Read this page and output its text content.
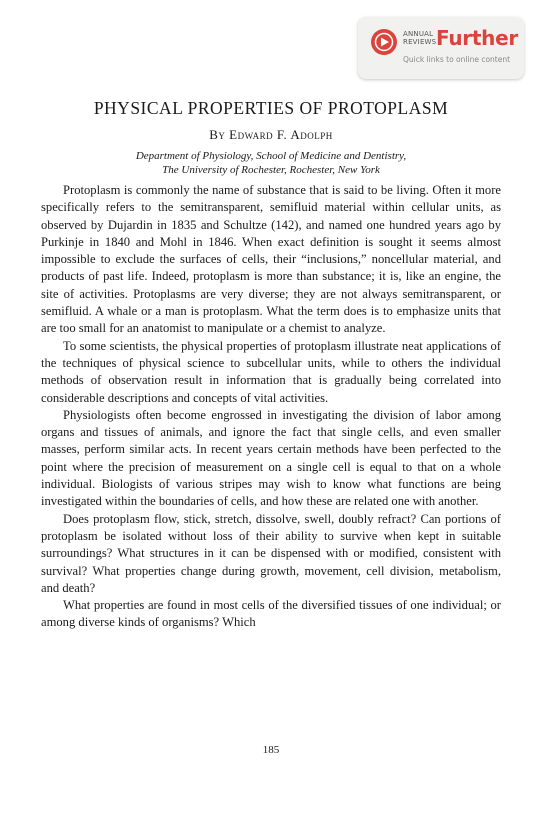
ANNUAL
REVIEWS Further
Quick links to online content
PHYSICAL PROPERTIES OF PROTOPLASM
By Edward F. Adolph
Department of Physiology, School of Medicine and Dentistry,
The University of Rochester, Rochester, New York

Protoplasm is commonly the name of substance that is said to be living. Often it more specifically refers to the semitransparent, semifluid material within cellular units, as observed by Dujardin in 1835 and Schultze (142), and named one hundred years ago by Purkinje in 1840 and Mohl in 1846. When exact definition is sought it seems almost impossible to exclude the surfaces of cells, their “inclusions,” noncellular material, and products of past life. Indeed, protoplasm is more than substance; it is, like an engine, the site of activities. Protoplasms are very diverse; they are not always semitransparent, or semifluid. A whale or a man is protoplasm. What the term does is to emphasize units that are too small for an anatomist to manipulate or a chemist to analyze.

To some scientists, the physical properties of protoplasm illustrate neat applications of the techniques of physical science to subcellular units, while to others the individual methods of observation result in information that is gradually being correlated into considerable descriptions and concepts of vital activities.

Physiologists often become engrossed in investigating the division of labor among organs and tissues of animals, and ignore the fact that single cells, and even smaller masses, perform similar acts. In recent years certain methods have been perfected to the point where the precision of measurement on a single cell is equal to that on a whole individual. Biologists of various stripes may wish to know what functions are being investigated within the boundaries of cells, and how these are related one with another.

Does protoplasm flow, stick, stretch, dissolve, swell, doubly refract? Can portions of protoplasm be isolated without loss of their ability to survive when kept in suitable surroundings? What structures in it can be dispensed with or modified, consistent with survival? What properties change during growth, movement, cell division, metabolism, and death?

What properties are found in most cells of the diversified tissues of one individual; or among diverse kinds of organisms? Which

185
